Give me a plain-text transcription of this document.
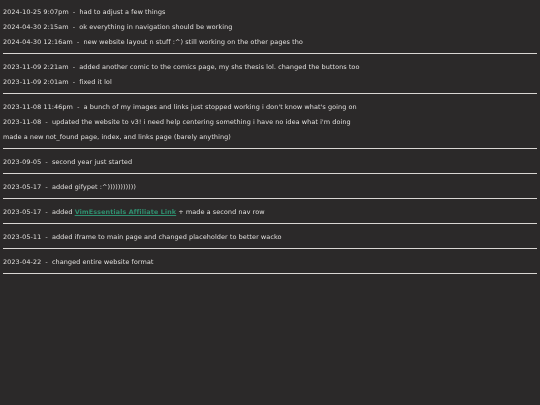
2024-10-25 9:07pm - had to adjust a few things
2024-04-30 2:15am - ok everything in navigation should be working
2024-04-30 12:16am - new website layout n stuff :^) still working on the other pages tho
2023-11-09 2:21am - added another comic to the comics page, my shs thesis lol. changed the buttons too
2023-11-09 2:01am - fixed it lol
2023-11-08 11:46pm - a bunch of my images and links just stopped working i don't know what's going on
2023-11-08 - updated the website to v3! i need help centering something i have no idea what i'm doing
made a new not_found page, index, and links page (barely anything)
2023-09-05 - second year just started
2023-05-17 - added gifypet :^)))))))))))
2023-05-17 - added VimEssentials Affiliate Link + made a second nav row
2023-05-11 - added iframe to main page and changed placeholder to better wacko
2023-04-22 - changed entire website format
